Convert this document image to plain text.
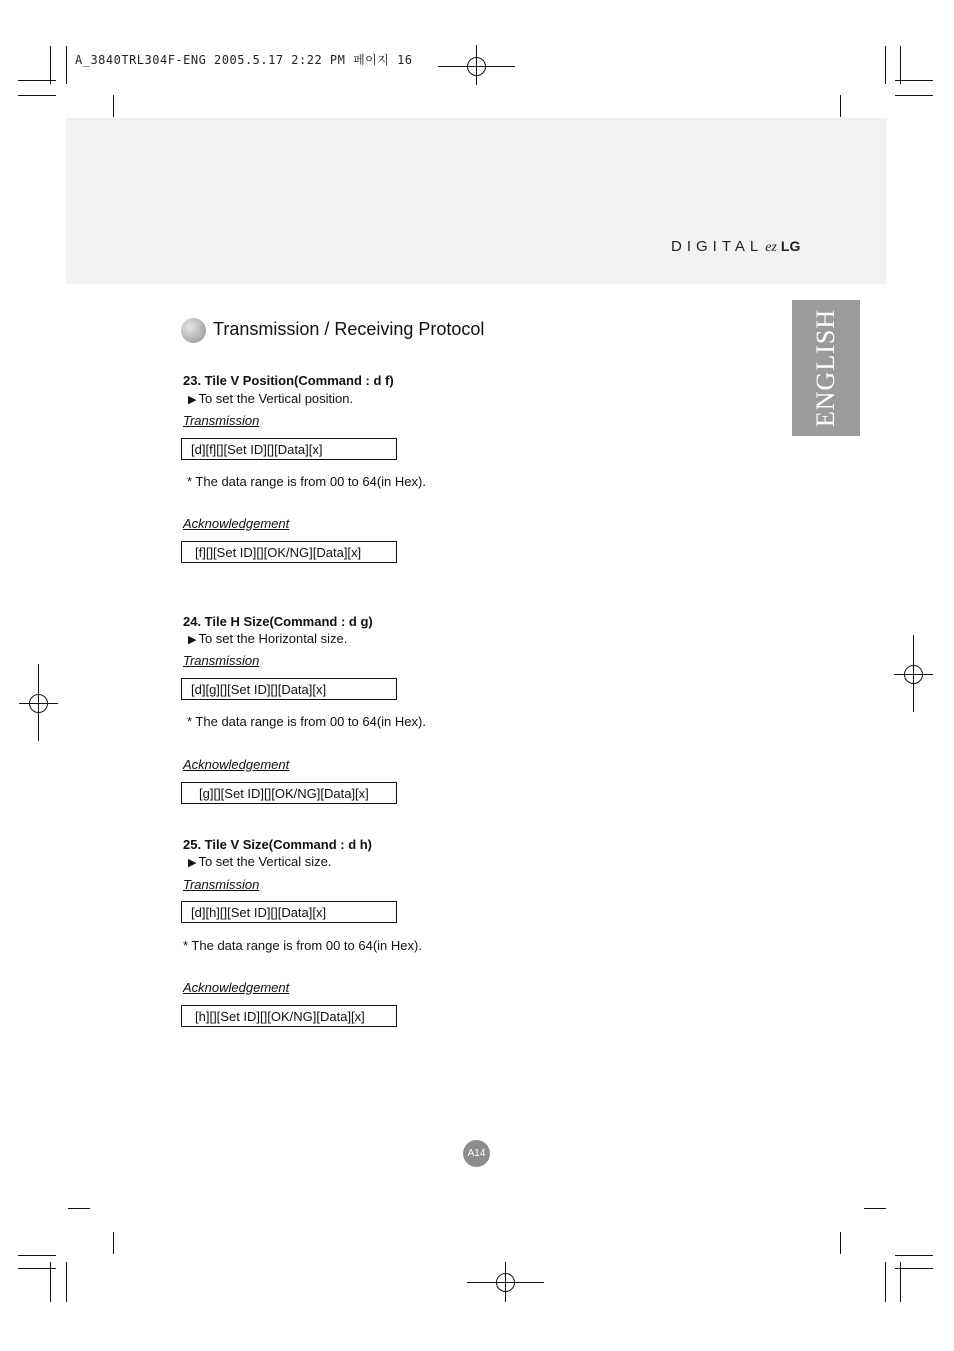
A_3840TRL304F-ENG 2005.5.17 2:22 PM 페이지 16
DIGITAL ez LG
ENGLISH
Transmission / Receiving Protocol
23. Tile V Position(Command : d f)
▶ To set the Vertical position.
Transmission
[d][f][][Set ID][][Data][x]
* The data range is from 00 to 64(in Hex).
Acknowledgement
[f][][Set ID][][OK/NG][Data][x]
24. Tile H Size(Command : d g)
▶ To set the Horizontal size.
Transmission
[d][g][][Set ID][][Data][x]
* The data range is from 00 to 64(in Hex).
Acknowledgement
[g][][Set ID][][OK/NG][Data][x]
25. Tile V Size(Command : d h)
▶ To set the Vertical size.
Transmission
[d][h][][Set ID][][Data][x]
* The data range is from 00 to 64(in Hex).
Acknowledgement
[h][][Set ID][][OK/NG][Data][x]
A14
